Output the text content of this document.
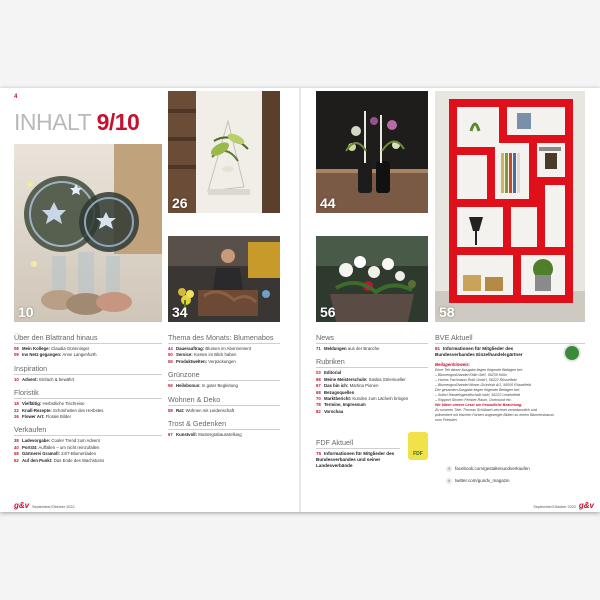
4
INHALT 9/10
10
26
34
Über den Blattrand hinaus
08 Mein Kollege: Claudia Günnninger
09 Ins Netz gegangen: Anne Langenfurth
Inspiration
10 Advent: Einfach & bewährt
Floristik
18 Vielfältig: Herbstliche Tischreise
22 Knall-Rezepte: Schönheiten des Herbstes
26 Flower Art: Florale Bilder
Verkaufen
38 Ladevorgabe: Cooler Trend zum Advent
40 Porträt: Auffallen – um nicht reinzufallen
58 Gärtnerei Gramoll: 24/7-Blumenladen
62 Auf den Punkt: Das Ende des Wachstums
Thema des Monats: Blumenabos
44 Dauerauftrag: Blumen im Abonnement
50 Service: Kosten im Blick haben
55 Produktwelten: Verpackungen
Grünzone
56 Heilsbonus: In guter Begleitung
Wohnen & Deko
58 Rat: Wohnen mit Leidenschaft
Trost & Gedenken
67 Kunstvoll: Mustergrabausstellung
g&v September/Oktober 2022
44
56	58
News
71 Meldungen aus der Branche
Rubriken
03 Editorial
68 Meine Meisterschule: Saskia Striemueller
67 Das bin ich: Martina Pionen
68 Bezugsquellen
70 Marktbericht: Kunden zum Lächeln bringen
78 Termine, Impressum
82 Vorschau
FDF Aktuell
75 Informationen für Mitglieder des Bundesverbandes und seiner Landesverbände
FDF
BVE Aktuell
81 Informationen für Mitglieder des Bundesverbandes Einzelhandelsgärtner
Beilagenhinweis:
Einer Teil dieser Ausgabe liegen folgende Beilagen bei:
– Blumengroßhandel Kölln GbR, 56235 Kölln
– Harms Fachmann-Roth GmbH, 56222 Rüsselfeld
– Blumengroßhandel Moser-Grünholz AG, 56000 Rüsselfeld
Der gesamten Ausgabe liegen folgende Beilagen bei:
– Sofort Handelsgesellschaft mbH, 55222 Lindenfeldt
– Rapport Stroem Fenster-Raum, Dortmund etc.
Wir bitten unsere Leser um freundliche Beachtung.
Zu unseren Titel: Thomas Schilbach zeichnet verantwortlich und
präsentiert mit frischen Farben angezeigte Blüten zu einem Blumenstrauss
vom Feinsten.
f facebook.com/gestaltenundverkaufen
t twitter.com/gundv_magazin
September/Oktober 2022 g&v
